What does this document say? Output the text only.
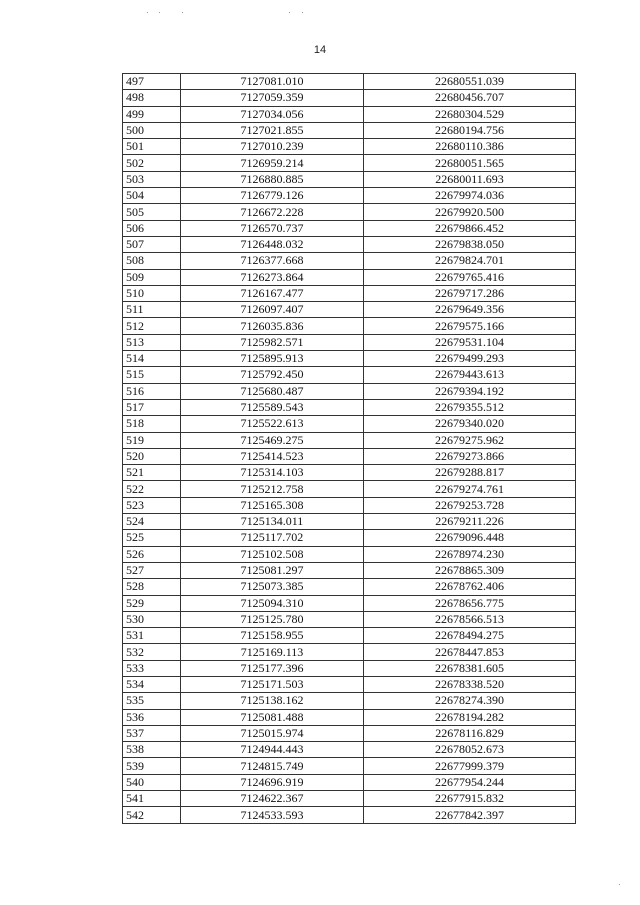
14
497	7127081.010	22680551.039
498	7127059.359	22680456.707
499	7127034.056	22680304.529
500	7127021.855	22680194.756
501	7127010.239	22680110.386
502	7126959.214	22680051.565
503	7126880.885	22680011.693
504	7126779.126	22679974.036
505	7126672.228	22679920.500
506	7126570.737	22679866.452
507	7126448.032	22679838.050
508	7126377.668	22679824.701
509	7126273.864	22679765.416
510	7126167.477	22679717.286
511	7126097.407	22679649.356
512	7126035.836	22679575.166
513	7125982.571	22679531.104
514	7125895.913	22679499.293
515	7125792.450	22679443.613
516	7125680.487	22679394.192
517	7125589.543	22679355.512
518	7125522.613	22679340.020
519	7125469.275	22679275.962
520	7125414.523	22679273.866
521	7125314.103	22679288.817
522	7125212.758	22679274.761
523	7125165.308	22679253.728
524	7125134.011	22679211.226
525	7125117.702	22679096.448
526	7125102.508	22678974.230
527	7125081.297	22678865.309
528	7125073.385	22678762.406
529	7125094.310	22678656.775
530	7125125.780	22678566.513
531	7125158.955	22678494.275
532	7125169.113	22678447.853
533	7125177.396	22678381.605
534	7125171.503	22678338.520
535	7125138.162	22678274.390
536	7125081.488	22678194.282
537	7125015.974	22678116.829
538	7124944.443	22678052.673
539	7124815.749	22677999.379
540	7124696.919	22677954.244
541	7124622.367	22677915.832
542	7124533.593	22677842.397
